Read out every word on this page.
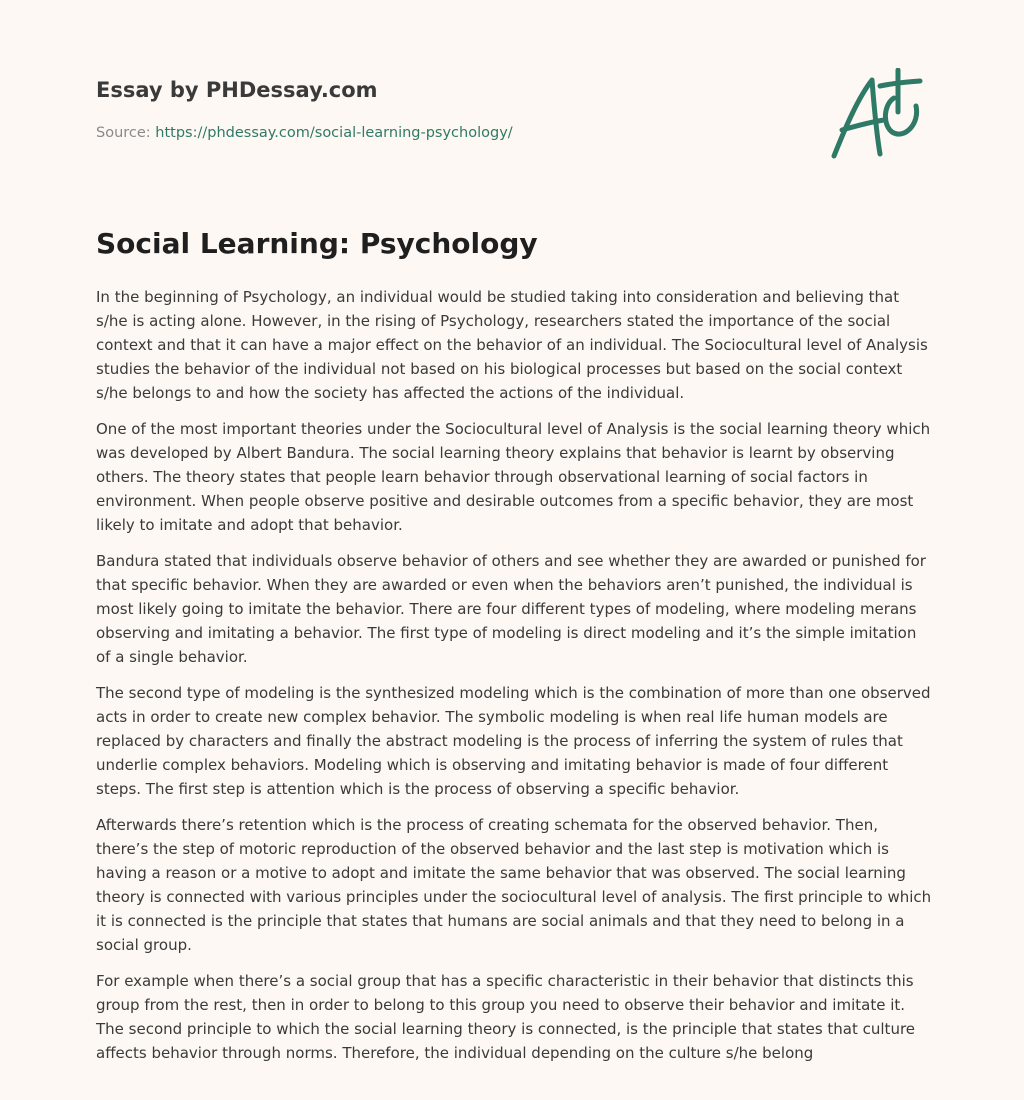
Essay by PHDessay.com
Source: https://phdessay.com/social-learning-psychology/
Social Learning: Psychology

In the beginning of Psychology, an individual would be studied taking into consideration and believing that s/he is acting alone. However, in the rising of Psychology, researchers stated the importance of the social context and that it can have a major effect on the behavior of an individual. The Sociocultural level of Analysis studies the behavior of the individual not based on his biological processes but based on the social context s/he belongs to and how the society has affected the actions of the individual.

One of the most important theories under the Sociocultural level of Analysis is the social learning theory which was developed by Albert Bandura. The social learning theory explains that behavior is learnt by observing others. The theory states that people learn behavior through observational learning of social factors in environment. When people observe positive and desirable outcomes from a specific behavior, they are most likely to imitate and adopt that behavior.

Bandura stated that individuals observe behavior of others and see whether they are awarded or punished for that specific behavior. When they are awarded or even when the behaviors aren’t punished, the individual is most likely going to imitate the behavior. There are four different types of modeling, where modeling merans observing and imitating a behavior. The first type of modeling is direct modeling and it’s the simple imitation of a single behavior.

The second type of modeling is the synthesized modeling which is the combination of more than one observed acts in order to create new complex behavior. The symbolic modeling is when real life human models are replaced by characters and finally the abstract modeling is the process of inferring the system of rules that underlie complex behaviors. Modeling which is observing and imitating behavior is made of four different steps. The first step is attention which is the process of observing a specific behavior.

Afterwards there’s retention which is the process of creating schemata for the observed behavior. Then, there’s the step of motoric reproduction of the observed behavior and the last step is motivation which is having a reason or a motive to adopt and imitate the same behavior that was observed. The social learning theory is connected with various principles under the sociocultural level of analysis. The first principle to which it is connected is the principle that states that humans are social animals and that they need to belong in a social group.

For example when there’s a social group that has a specific characteristic in their behavior that distincts this group from the rest, then in order to belong to this group you need to observe their behavior and imitate it. The second principle to which the social learning theory is connected, is the principle that states that culture affects behavior through norms. Therefore, the individual depending on the culture s/he belong
